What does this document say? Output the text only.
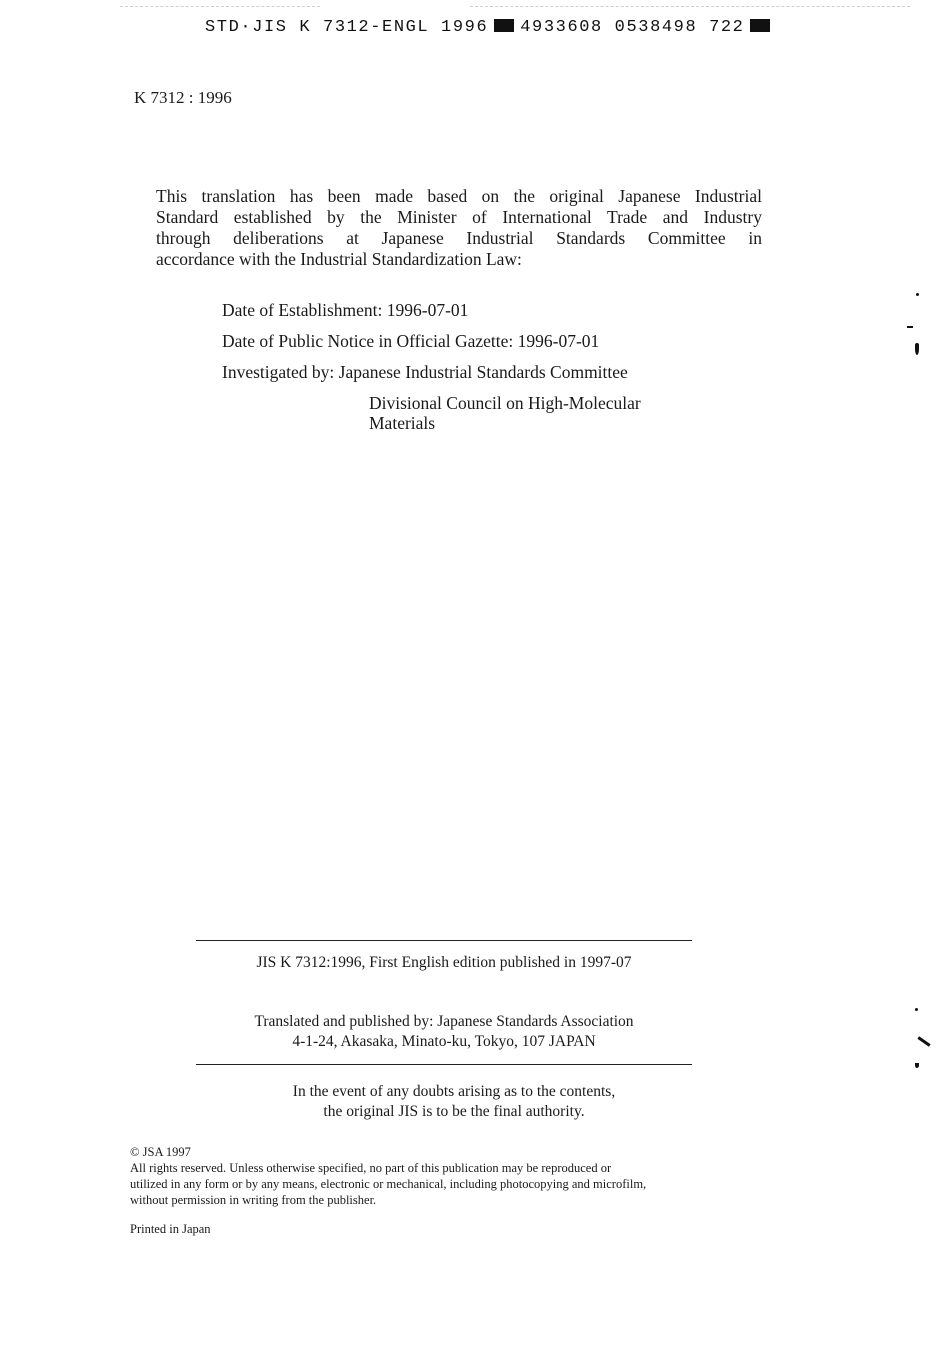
STD·JIS K 7312-ENGL 1996 4933608 0538498 722
K 7312 : 1996
This translation has been made based on the original Japanese Industrial
Standard established by the Minister of International Trade and Industry
through deliberations at Japanese Industrial Standards Committee in
accordance with the Industrial Standardization Law:
Date of Establishment: 1996-07-01
Date of Public Notice in Official Gazette: 1996-07-01
Investigated by: Japanese Industrial Standards Committee
Divisional Council on High-Molecular
Materials
JIS K 7312:1996, First English edition published in 1997-07
Translated and published by: Japanese Standards Association
4-1-24, Akasaka, Minato-ku, Tokyo, 107 JAPAN
In the event of any doubts arising as to the contents,
the original JIS is to be the final authority.
© JSA 1997
All rights reserved. Unless otherwise specified, no part of this publication may be reproduced or
utilized in any form or by any means, electronic or mechanical, including photocopying and microfilm,
without permission in writing from the publisher.
Printed in Japan
